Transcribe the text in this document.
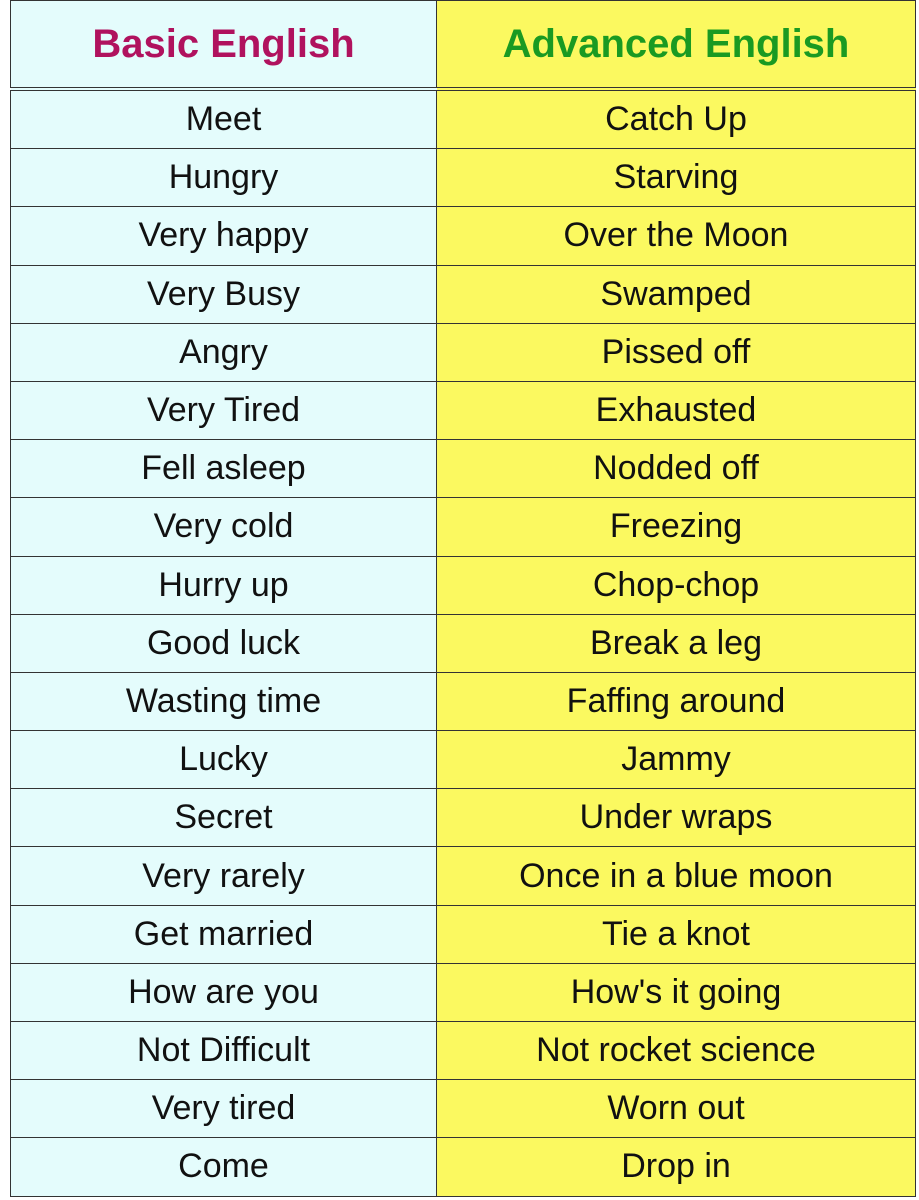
Basic English	Advanced English
Meet	Catch Up
Hungry	Starving
Very happy	Over the Moon
Very Busy	Swamped
Angry	Pissed off
Very Tired	Exhausted
Fell asleep	Nodded off
Very cold	Freezing
Hurry up	Chop-chop
Good luck	Break a leg
Wasting time	Faffing around
Lucky	Jammy
Secret	Under wraps
Very rarely	Once in a blue moon
Get married	Tie a knot
How are you	How's it going
Not Difficult	Not rocket science
Very tired	Worn out
Come	Drop in
